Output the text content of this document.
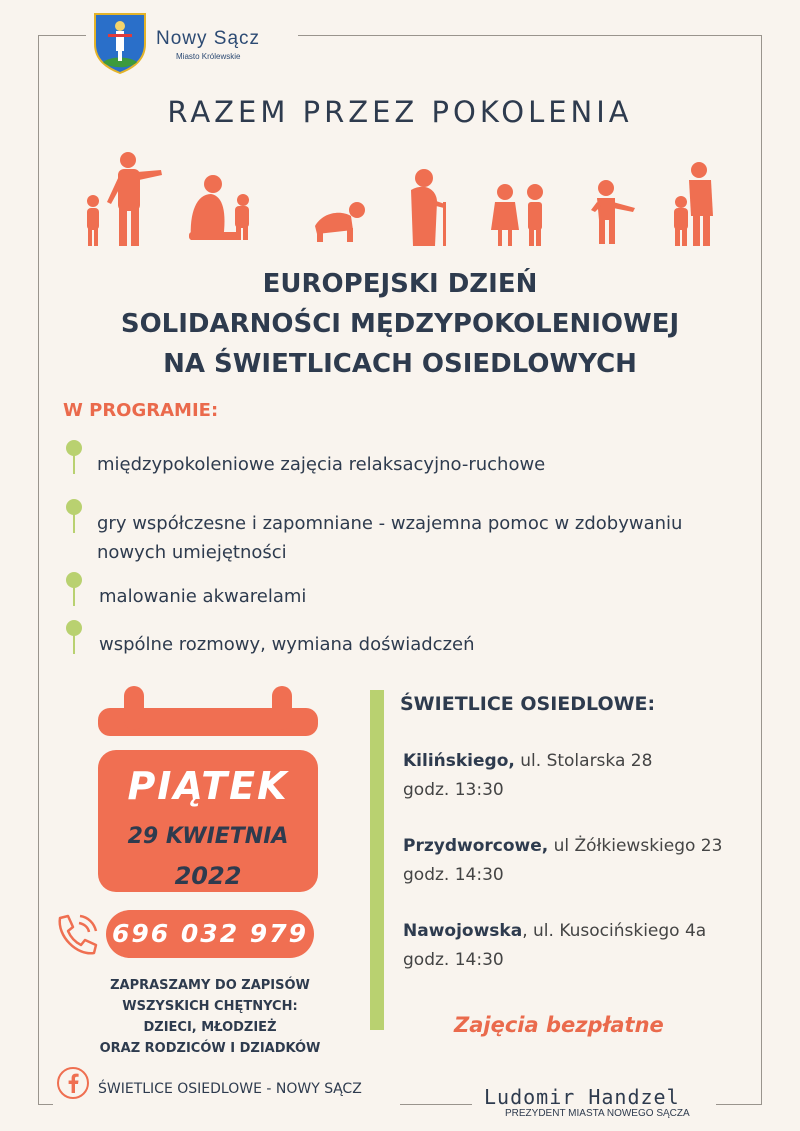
Nowy Sącz
Miasto Królewskie
RAZEM PRZEZ POKOLENIA
EUROPEJSKI DZIEŃ
SOLIDARNOŚCI MĘDZYPOKOLENIOWEJ
NA ŚWIETLICACH OSIEDLOWYCH
W PROGRAMIE:
międzypokoleniowe zajęcia relaksacyjno-ruchowe
gry współczesne i zapomniane - wzajemna pomoc w zdobywaniu
nowych umiejętności
malowanie akwarelami
wspólne rozmowy, wymiana doświadczeń
PIĄTEK
29 KWIETNIA
2022
696 032 979
ZAPRASZAMY DO ZAPISÓW
WSZYSKICH CHĘTNYCH:
DZIECI, MŁODZIEŻ
ORAZ RODZICÓW I DZIADKÓW
ŚWIETLICE OSIEDLOWE:
Kilińskiego, ul. Stolarska 28
godz. 13:30
Przydworcowe, ul Żółkiewskiego 23
godz. 14:30
Nawojowska, ul. Kusocińskiego 4a
godz. 14:30
Zajęcia bezpłatne
ŚWIETLICE OSIEDLOWE - NOWY SĄCZ	Ludomir Handzel
PREZYDENT MIASTA NOWEGO SĄCZA
